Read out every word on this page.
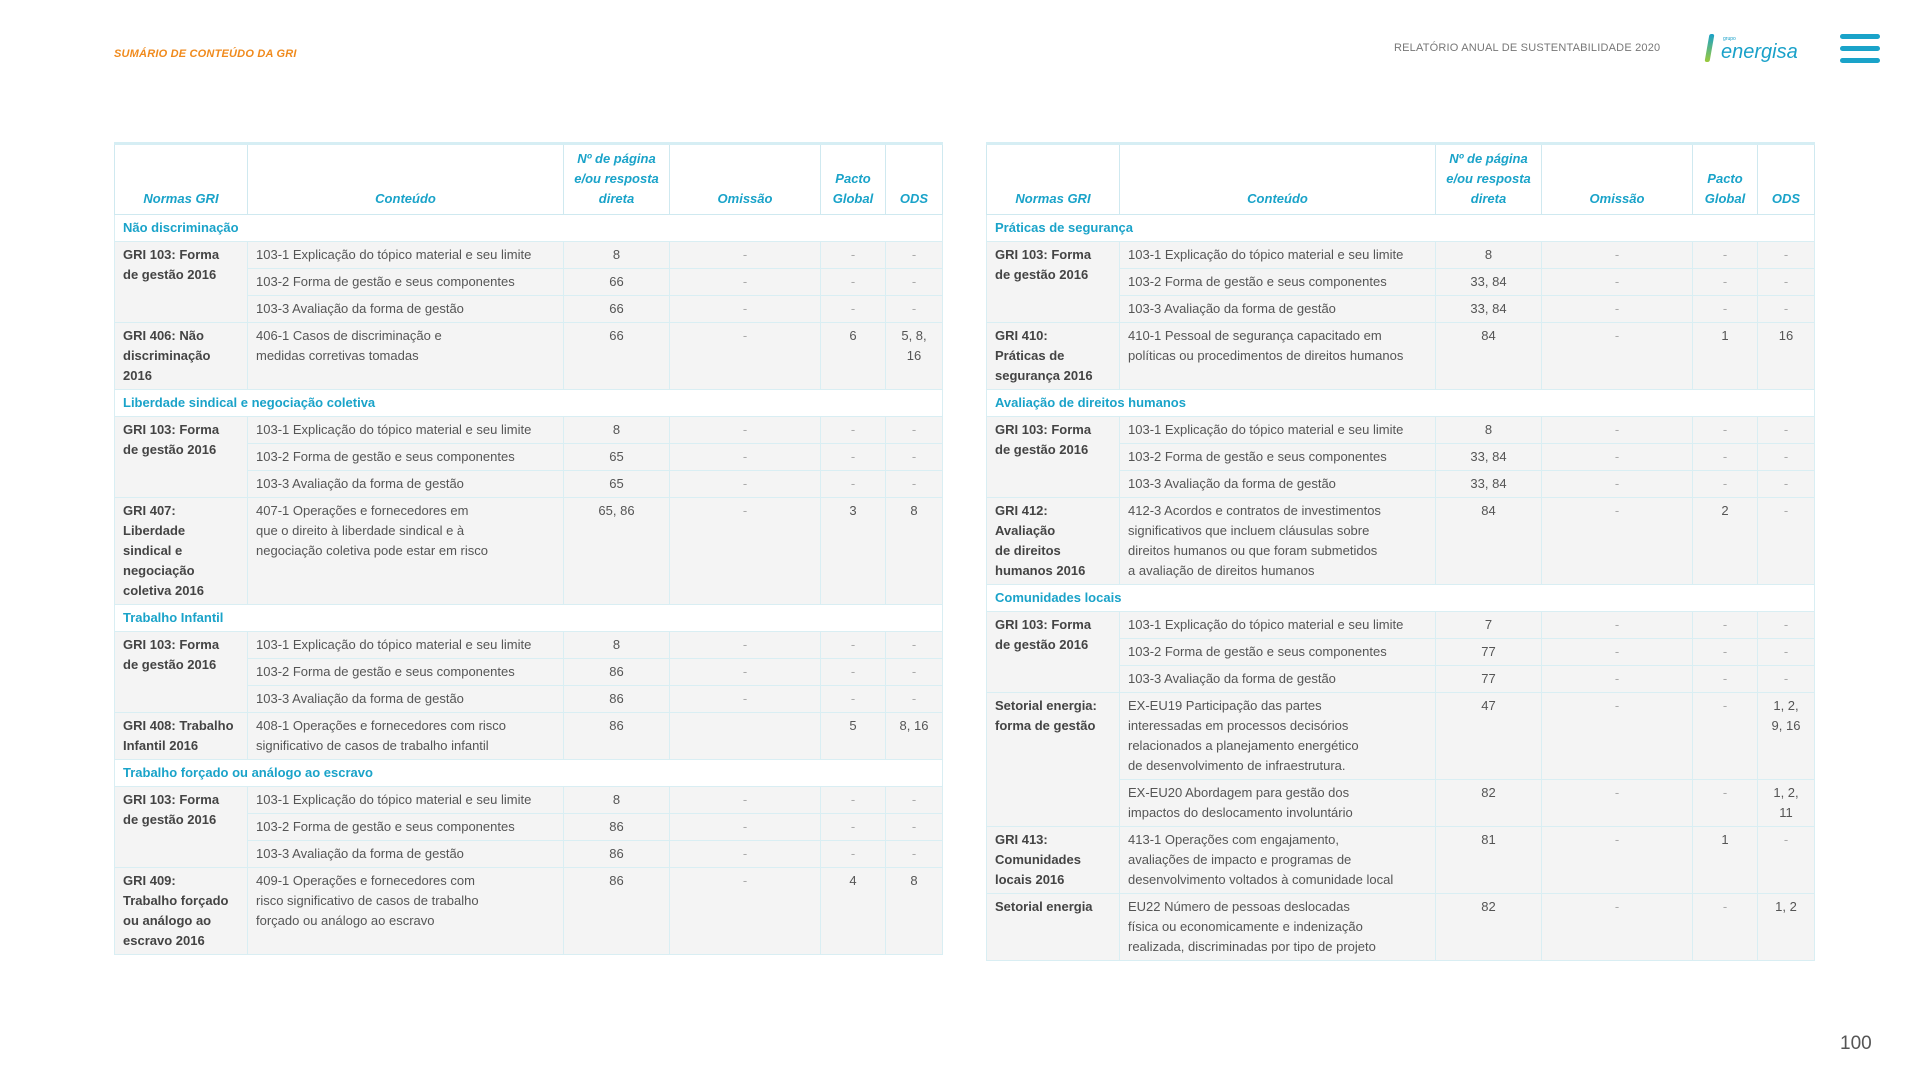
SUMÁRIO DE CONTEÚDO DA GRI	RELATÓRIO ANUAL DE SUSTENTABILIDADE 2020
grupo
energisa
Normas GRI	Conteúdo	Nº de página
e/ou resposta
direta	Omissão	Pacto
Global	ODS
Não discriminação					
GRI 103: Forma
de gestão 2016	103-1 Explicação do tópico material e seu limite	8	-	-	-
	103-2 Forma de gestão e seus componentes	66	-	-	-
	103-3 Avaliação da forma de gestão	66	-	-	-
GRI 406: Não
discriminação
2016	406-1 Casos de discriminação e
medidas corretivas tomadas	66	-	6	5, 8,
16
Liberdade sindical e negociação coletiva					
GRI 103: Forma
de gestão 2016	103-1 Explicação do tópico material e seu limite	8	-	-	-
	103-2 Forma de gestão e seus componentes	65	-	-	-
	103-3 Avaliação da forma de gestão	65	-	-	-
GRI 407:
Liberdade
sindical e
negociação
coletiva 2016	407-1 Operações e fornecedores em
que o direito à liberdade sindical e à
negociação coletiva pode estar em risco	65, 86	-	3	8
Trabalho Infantil					
GRI 103: Forma
de gestão 2016	103-1 Explicação do tópico material e seu limite	8	-	-	-
	103-2 Forma de gestão e seus componentes	86	-	-	-
	103-3 Avaliação da forma de gestão	86	-	-	-
GRI 408: Trabalho
Infantil 2016	408-1 Operações e fornecedores com risco
significativo de casos de trabalho infantil	86		5	8, 16
Trabalho forçado ou análogo ao escravo					
GRI 103: Forma
de gestão 2016	103-1 Explicação do tópico material e seu limite	8	-	-	-
	103-2 Forma de gestão e seus componentes	86	-	-	-
	103-3 Avaliação da forma de gestão	86	-	-	-
GRI 409:
Trabalho forçado
ou análogo ao
escravo 2016	409-1 Operações e fornecedores com
risco significativo de casos de trabalho
forçado ou análogo ao escravo	86	-	4	8
Normas GRI	Conteúdo	Nº de página
e/ou resposta
direta	Omissão	Pacto
Global	ODS
Práticas de segurança					
GRI 103: Forma
de gestão 2016	103-1 Explicação do tópico material e seu limite	8	-	-	-
	103-2 Forma de gestão e seus componentes	33, 84	-	-	-
	103-3 Avaliação da forma de gestão	33, 84	-	-	-
GRI 410:
Práticas de
segurança 2016	410-1 Pessoal de segurança capacitado em
políticas ou procedimentos de direitos humanos	84	-	1	16
Avaliação de direitos humanos					
GRI 103: Forma
de gestão 2016	103-1 Explicação do tópico material e seu limite	8	-	-	-
	103-2 Forma de gestão e seus componentes	33, 84	-	-	-
	103-3 Avaliação da forma de gestão	33, 84	-	-	-
GRI 412:
Avaliação
de direitos
humanos 2016	412-3 Acordos e contratos de investimentos
significativos que incluem cláusulas sobre
direitos humanos ou que foram submetidos
a avaliação de direitos humanos	84	-	2	-
Comunidades locais					
GRI 103: Forma
de gestão 2016	103-1 Explicação do tópico material e seu limite	7	-	-	-
	103-2 Forma de gestão e seus componentes	77	-	-	-
	103-3 Avaliação da forma de gestão	77	-	-	-
Setorial energia:
forma de gestão	EX-EU19 Participação das partes
interessadas em processos decisórios
relacionados a planejamento energético
de desenvolvimento de infraestrutura.	47	-	-	1, 2,
9, 16
	EX-EU20 Abordagem para gestão dos
impactos do deslocamento involuntário	82	-	-	1, 2,
11
GRI 413:
Comunidades
locais 2016	413-1 Operações com engajamento,
avaliações de impacto e programas de
desenvolvimento voltados à comunidade local	81	-	1	-
Setorial energia	EU22 Número de pessoas deslocadas
física ou economicamente e indenização
realizada, discriminadas por tipo de projeto	82	-	-	1, 2
100
